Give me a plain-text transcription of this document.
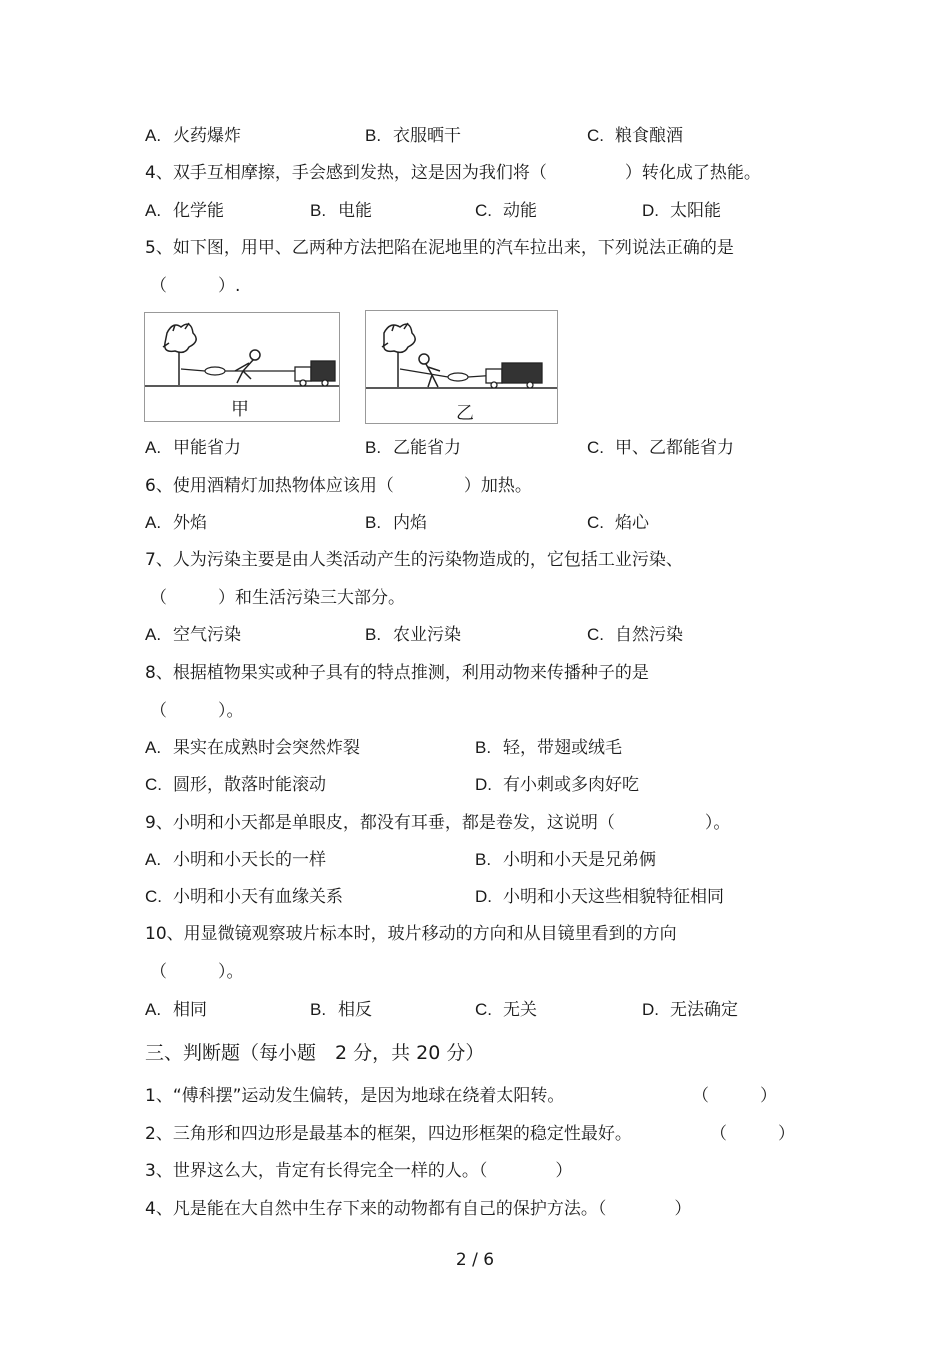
A. 火药爆炸	B. 衣服晒干	C. 粮食酿酒
4、双手互相摩擦，手会感到发热，这是因为我们将（	）转化成了热能。
A. 化学能	B. 电能	C. 动能	D. 太阳能
5、如下图，用甲、乙两种方法把陷在泥地里的汽车拉出来，下列说法正确的是
（　　　）.
甲	乙
A. 甲能省力	B. 乙能省力	C. 甲、乙都能省力
6、使用酒精灯加热物体应该用（	）加热。
A. 外焰	B. 内焰	C. 焰心
7、人为污染主要是由人类活动产生的污染物造成的，它包括工业污染、
（　　　）和生活污染三大部分。
A. 空气污染	B. 农业污染	C. 自然污染
8、根据植物果实或种子具有的特点推测，利用动物来传播种子的是
（　　　）。
A. 果实在成熟时会突然炸裂	B. 轻，带翅或绒毛
C. 圆形，散落时能滚动	D. 有小刺或多肉好吃
9、小明和小天都是单眼皮，都没有耳垂，都是卷发，这说明（	）。
A. 小明和小天长的一样	B. 小明和小天是兄弟俩
C. 小明和小天有血缘关系	D. 小明和小天这些相貌特征相同
10、用显微镜观察玻片标本时，玻片移动的方向和从目镜里看到的方向
（　　　）。
A. 相同	B. 相反	C. 无关	D. 无法确定
三、判断题（每小题　2 分，共 20 分）
1、“傅科摆”运动发生偏转，是因为地球在绕着太阳转。	（　　　）
2、三角形和四边形是最基本的框架，四边形框架的稳定性最好。	（　　　）
3、世界这么大，肯定有长得完全一样的人。（　　　　）
4、凡是能在大自然中生存下来的动物都有自己的保护方法。（　　　　）
2 / 6
